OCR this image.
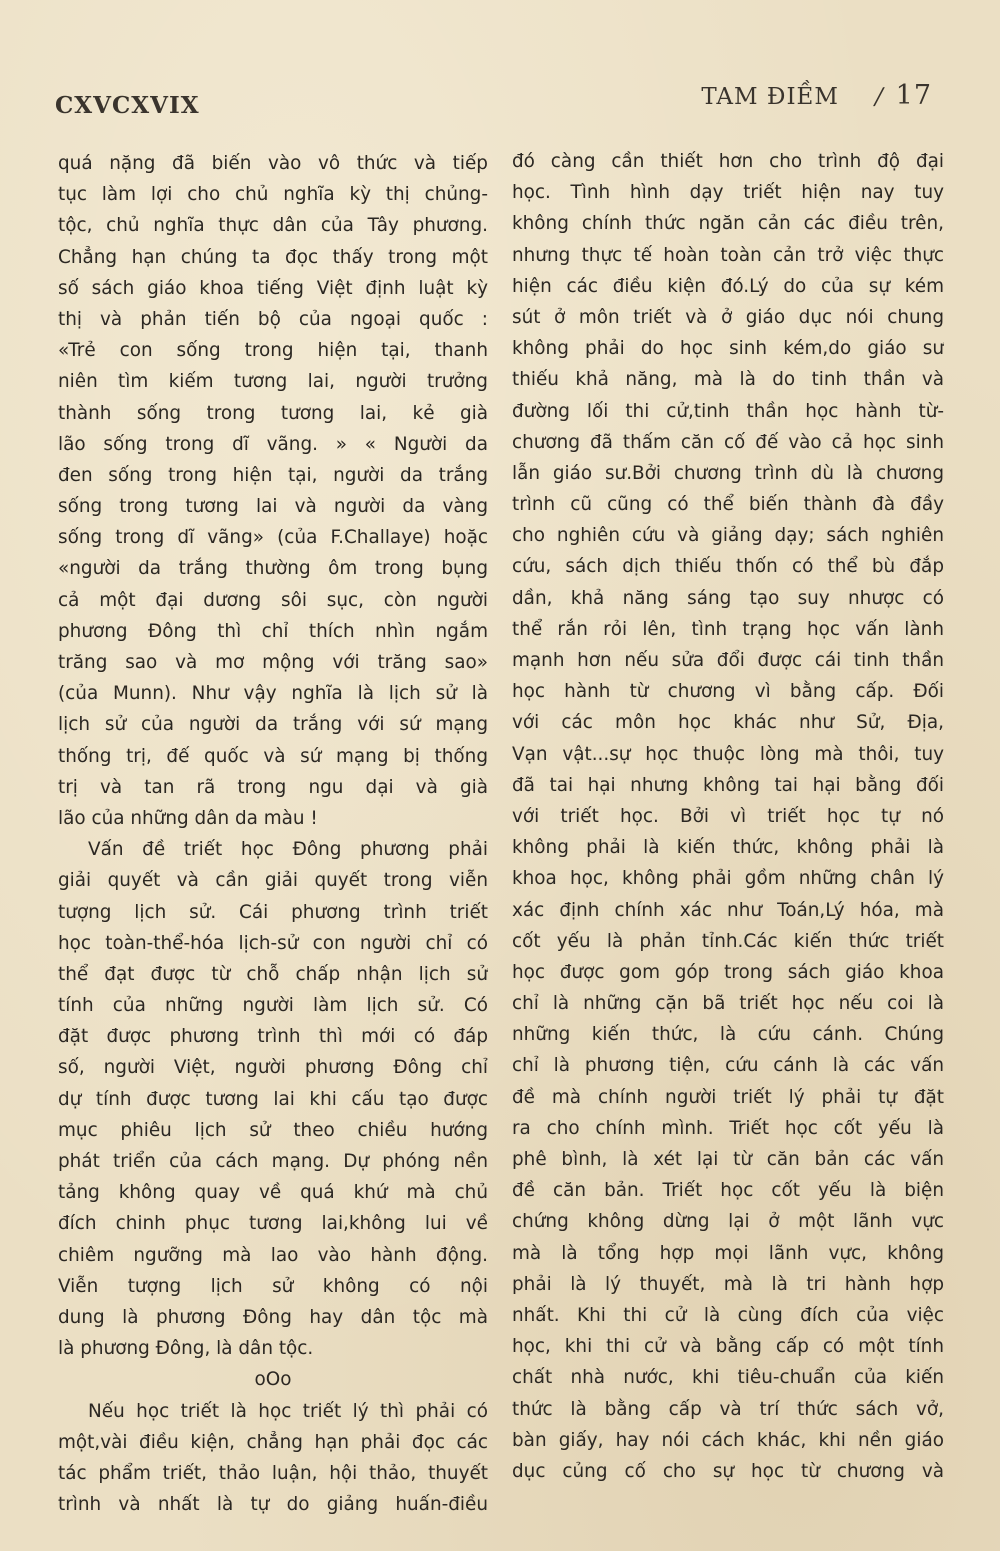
CXVCXVIX	TAM ĐIỀM / 17
quá nặng đã biến vào vô thức và tiếp
tục làm lợi cho chủ nghĩa kỳ thị chủng-
tộc, chủ nghĩa thực dân của Tây phương.
Chẳng hạn chúng ta đọc thấy trong một
số sách giáo khoa tiếng Việt định luật kỳ
thị và phản tiến bộ của ngoại quốc :
«Trẻ con sống trong hiện tại, thanh
niên tìm kiếm tương lai, người trưởng
thành sống trong tương lai, kẻ già
lão sống trong dĩ vãng. » « Người da
đen sống trong hiện tại, người da trắng
sống trong tương lai và người da vàng
sống trong dĩ vãng» (của F.Challaye) hoặc
«người da trắng thường ôm trong bụng
cả một đại dương sôi sục, còn người
phương Đông thì chỉ thích nhìn ngắm
trăng sao và mơ mộng với trăng sao»
(của Munn). Như vậy nghĩa là lịch sử là
lịch sử của người da trắng với sứ mạng
thống trị, đế quốc và sứ mạng bị thống
trị và tan rã trong ngu dại và già
lão của những dân da màu !
Vấn đề triết học Đông phương phải
giải quyết và cần giải quyết trong viễn
tượng lịch sử. Cái phương trình triết
học toàn-thể-hóa lịch-sử con người chỉ có
thể đạt được từ chỗ chấp nhận lịch sử
tính của những người làm lịch sử. Có
đặt được phương trình thì mới có đáp
số, người Việt, người phương Đông chỉ
dự tính được tương lai khi cấu tạo được
mục phiêu lịch sử theo chiều hướng
phát triển của cách mạng. Dự phóng nền
tảng không quay về quá khứ mà chủ
đích chinh phục tương lai,không lui về
chiêm ngưỡng mà lao vào hành động.
Viễn tượng lịch sử không có nội
dung là phương Đông hay dân tộc mà
là phương Đông, là dân tộc.
oOo
Nếu học triết là học triết lý thì phải có
một,vài điều kiện, chẳng hạn phải đọc các
tác phẩm triết, thảo luận, hội thảo, thuyết
trình và nhất là tự do giảng huấn-điều
đó càng cần thiết hơn cho trình độ đại
học. Tình hình dạy triết hiện nay tuy
không chính thức ngăn cản các điều trên,
nhưng thực tế hoàn toàn cản trở việc thực
hiện các điều kiện đó.Lý do của sự kém
sút ở môn triết và ở giáo dục nói chung
không phải do học sinh kém,do giáo sư
thiếu khả năng, mà là do tinh thần và
đường lối thi cử,tinh thần học hành từ-
chương đã thấm căn cố đế vào cả học sinh
lẫn giáo sư.Bởi chương trình dù là chương
trình cũ cũng có thể biến thành đà đầy
cho nghiên cứu và giảng dạy; sách nghiên
cứu, sách dịch thiếu thốn có thể bù đắp
dần, khả năng sáng tạo suy nhược có
thể rắn rỏi lên, tình trạng học vấn lành
mạnh hơn nếu sửa đổi được cái tinh thần
học hành từ chương vì bằng cấp. Đối
với các môn học khác như Sử, Địa,
Vạn vật...sự học thuộc lòng mà thôi, tuy
đã tai hại nhưng không tai hại bằng đối
với triết học. Bởi vì triết học tự nó
không phải là kiến thức, không phải là
khoa học, không phải gồm những chân lý
xác định chính xác như Toán,Lý hóa, mà
cốt yếu là phản tỉnh.Các kiến thức triết
học được gom góp trong sách giáo khoa
chỉ là những cặn bã triết học nếu coi là
những kiến thức, là cứu cánh. Chúng
chỉ là phương tiện, cứu cánh là các vấn
đề mà chính người triết lý phải tự đặt
ra cho chính mình. Triết học cốt yếu là
phê bình, là xét lại từ căn bản các vấn
đề căn bản. Triết học cốt yếu là biện
chứng không dừng lại ở một lãnh vực
mà là tổng hợp mọi lãnh vực, không
phải là lý thuyết, mà là tri hành hợp
nhất. Khi thi cử là cùng đích của việc
học, khi thi cử và bằng cấp có một tính
chất nhà nước, khi tiêu-chuẩn của kiến
thức là bằng cấp và trí thức sách vở,
bàn giấy, hay nói cách khác, khi nền giáo
dục củng cố cho sự học từ chương và
